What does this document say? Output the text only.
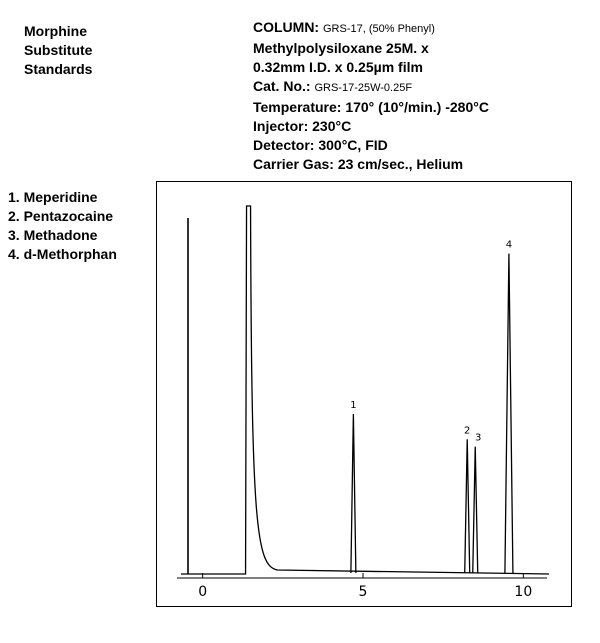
Morphine
Substitute
Standards
COLUMN: GRS-17, (50% Phenyl)
Methylpolysiloxane 25M. x
0.32mm I.D. x 0.25µm film
Cat. No.: GRS-17-25W-0.25F
Temperature: 170° (10°/min.) -280°C
Injector: 230°C
Detector: 300°C, FID
Carrier Gas: 23 cm/sec., Helium
1. Meperidine
2. Pentazocaine
3. Methadone
4. d-Methorphan
1
2
3
4
0	5	10
